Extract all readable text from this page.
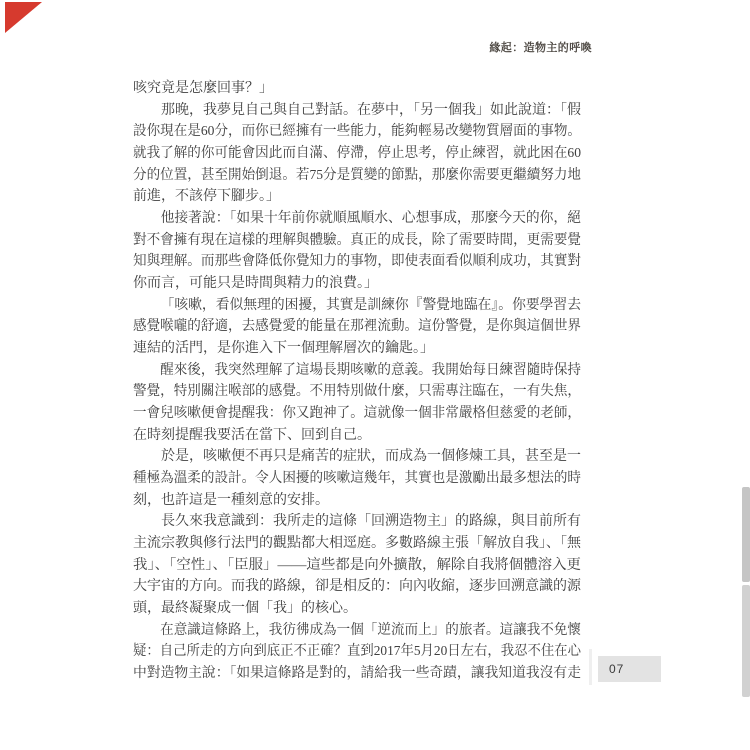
緣起：造物主的呼喚
咳究竟是怎麼回事？」
那晚，我夢見自己與自己對話。在夢中，「另一個我」如此說道：「假
設你現在是60分，而你已經擁有一些能力，能夠輕易改變物質層面的事物。
就我了解的你可能會因此而自滿、停滯，停止思考，停止練習，就此困在60
分的位置，甚至開始倒退。若75分是質變的節點，那麼你需要更繼續努力地
前進，不該停下腳步。」
他接著說：「如果十年前你就順風順水、心想事成，那麼今天的你，絕
對不會擁有現在這樣的理解與體驗。真正的成長，除了需要時間，更需要覺
知與理解。而那些會降低你覺知力的事物，即使表面看似順利成功，其實對
你而言，可能只是時間與精力的浪費。」
「咳嗽，看似無理的困擾，其實是訓練你『警覺地臨在』。你要學習去
感覺喉嚨的舒適，去感覺愛的能量在那裡流動。這份警覺，是你與這個世界
連結的活門，是你進入下一個理解層次的鑰匙。」
醒來後，我突然理解了這場長期咳嗽的意義。我開始每日練習隨時保持
警覺，特別關注喉部的感覺。不用特別做什麼，只需專注臨在，一有失焦，
一會兒咳嗽便會提醒我：你又跑神了。這就像一個非常嚴格但慈愛的老師，
在時刻提醒我要活在當下、回到自己。
於是，咳嗽便不再只是痛苦的症狀，而成為一個修煉工具，甚至是一
種極為溫柔的設計。令人困擾的咳嗽這幾年，其實也是激勵出最多想法的時
刻，也許這是一種刻意的安排。
長久來我意識到：我所走的這條「回溯造物主」的路線，與目前所有
主流宗教與修行法門的觀點都大相逕庭。多數路線主張「解放自我」、「無
我」、「空性」、「臣服」——這些都是向外擴散，解除自我將個體溶入更
大宇宙的方向。而我的路線，卻是相反的：向內收縮，逐步回溯意識的源
頭，最終凝聚成一個「我」的核心。
在意識這條路上，我彷彿成為一個「逆流而上」的旅者。這讓我不免懷
疑：自己所走的方向到底正不正確？直到2017年5月20日左右，我忍不住在心
中對造物主說：「如果這條路是對的，請給我一些奇蹟，讓我知道我沒有走	07
